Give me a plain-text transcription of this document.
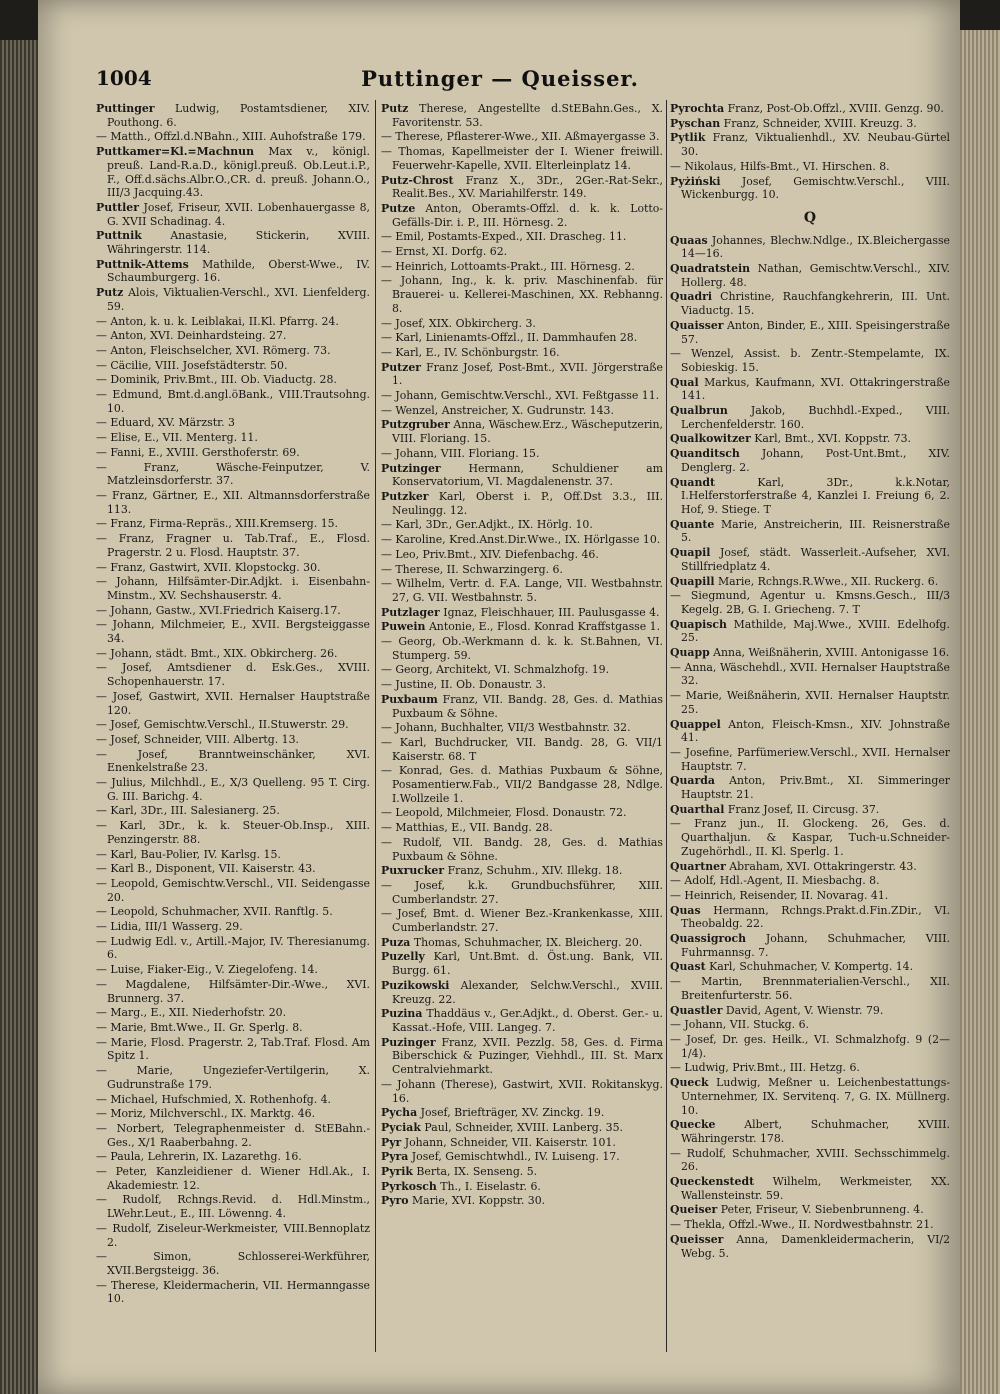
1004	Puttinger — Queisser.
Puttinger Ludwig, Postamtsdiener, XIV. Pouthong. 6.
— Matth., Offzl.d.NBahn., XIII. Auhofstraße 179.
Puttkamer=Kl.=Machnun Max v., königl. preuß. Land-R.a.D., königl.preuß. Ob.Leut.i.P., F., Off.d.sächs.Albr.O.,CR. d. preuß. Johann.O., III/3 Jacquing.43.
Puttler Josef, Friseur, XVII. Lobenhauergasse 8, G. XVII Schadinag. 4.
Puttnik	Anastasie, Stickerin, XVIII. Währingerstr. 114.
Puttnik-Attems Mathilde, Oberst-Wwe., IV. Schaumburgerg. 16.
Putz Alois, Viktualien-Verschl., XVI. Lienfelderg. 59.
— Anton, k. u. k. Leiblakai, II.Kl. Pfarrg. 24.
— Anton, XVI. Deinhardsteing. 27.
— Anton, Fleischselcher, XVI. Römerg. 73.
— Cäcilie, VIII. Josefstädterstr. 50.
— Dominik, Priv.Bmt., III. Ob. Viaductg. 28.
— Edmund, Bmt.d.angl.öBank., VIII.Trautsohng. 10.
— Eduard, XV. Märzstr. 3
— Elise, E., VII. Menterg. 11.
— Fanni, E., XVIII. Gersthoferstr. 69.
— Franz, Wäsche-Feinputzer, V. Matzleinsdorferstr. 37.
— Franz, Gärtner, E., XII. Altmannsdorferstraße 113.
— Franz, Firma-Repräs., XIII.Kremserg. 15.
— Franz, Fragner u. Tab.Traf., E., Flosd. Pragerstr. 2 u. Flosd. Hauptstr. 37.
— Franz, Gastwirt, XVII. Klopstockg. 30.
— Johann, Hilfsämter-Dir.Adjkt. i. Eisenbahn-Minstm., XV. Sechshauserstr. 4.
— Johann, Gastw., XVI.Friedrich Kaiserg.17.
— Johann, Milchmeier, E., XVII. Bergsteiggasse 34.
— Johann, städt. Bmt., XIX. Obkircherg. 26.
— Josef, Amtsdiener d. Esk.Ges., XVIII. Schopenhauerstr. 17.
— Josef, Gastwirt, XVII. Hernalser Hauptstraße 120.
— Josef, Gemischtw.Verschl., II.Stuwerstr. 29.
— Josef, Schneider, VIII. Albertg. 13.
— Josef, Branntweinschänker, XVI. Enenkelstraße 23.
— Julius, Milchhdl., E., X/3 Quelleng. 95 T. Cirg. G. III. Barichg. 4.
— Karl, 3Dr., III. Salesianerg. 25.
— Karl, 3Dr., k. k. Steuer-Ob.Insp., XIII. Penzingerstr. 88.
— Karl, Bau-Polier, IV. Karlsg. 15.
— Karl B., Disponent, VII. Kaiserstr. 43.
— Leopold, Gemischtw.Verschl., VII. Seidengasse 20.
— Leopold, Schuhmacher, XVII. Ranftlg. 5.
— Lidia, III/1 Wasserg. 29.
— Ludwig Edl. v., Artill.-Major, IV. Theresianumg. 6.
— Luise, Fiaker-Eig., V. Ziegelofeng. 14.
— Magdalene, Hilfsämter-Dir.-Wwe., XVI. Brunnerg. 37.
— Marg., E., XII. Niederhofstr. 20.
— Marie, Bmt.Wwe., II. Gr. Sperlg. 8.
— Marie, Flosd. Pragerstr. 2, Tab.Traf. Flosd. Am Spitz 1.
— Marie, Ungeziefer-Vertilgerin, X. Gudrunstraße 179.
— Michael, Hufschmied, X. Rothenhofg. 4.
— Moriz, Milchverschl., IX. Marktg. 46.
— Norbert, Telegraphenmeister d. StEBahn.-Ges., X/1 Raaberbahng. 2.
— Paula, Lehrerin, IX. Lazarethg. 16.
— Peter, Kanzleidiener d. Wiener Hdl.Ak., I. Akademiestr. 12.
— Rudolf, Rchngs.Revid. d. Hdl.Minstm., LWehr.Leut., E., III. Löwenng. 4.
— Rudolf, Ziseleur-Werkmeister, VIII.Bennoplatz 2.
— Simon, Schlosserei-Werkführer, XVII.Bergsteigg. 36.
— Therese, Kleidermacherin, VII. Hermanngasse 10.
Putz Therese, Angestellte d.StEBahn.Ges., X. Favoritenstr. 53.
— Therese, Pflasterer-Wwe., XII. Aßmayergasse 3.
— Thomas, Kapellmeister der I. Wiener freiwill. Feuerwehr-Kapelle, XVII. Elterleinplatz 14.
Putz-Chrost Franz X., 3Dr., 2Ger.-Rat-Sekr., Realit.Bes., XV. Mariahilferstr. 149.
Putze Anton, Oberamts-Offzl. d. k. k. Lotto-Gefälls-Dir. i. P., III. Hörnesg. 2.
— Emil, Postamts-Exped., XII. Drascheg. 11.
— Ernst, XI. Dorfg. 62.
— Heinrich, Lottoamts-Prakt., III. Hörnesg. 2.
— Johann, Ing., k. k. priv. Maschinenfab. für Brauerei- u. Kellerei-Maschinen, XX. Rebhanng. 8.
— Josef, XIX. Obkircherg. 3.
— Karl, Linienamts-Offzl., II. Dammhaufen 28.
— Karl, E., IV. Schönburgstr. 16.
Putzer Franz Josef, Post-Bmt., XVII. Jörgerstraße 1.
— Johann, Gemischtw.Verschl., XVI. Feßtgasse 11.
— Wenzel, Anstreicher, X. Gudrunstr. 143.
Putzgruber Anna, Wäschew.Erz., Wäscheputzerin, VIII. Floriang. 15.
— Johann, VIII. Floriang. 15.
Putzinger	Hermann, Schuldiener am Konservatorium, VI. Magdalenenstr. 37.
Putzker Karl, Oberst i. P., Off.Dst 3.3., III. Neulingg. 12.
— Karl, 3Dr., Ger.Adjkt., IX. Hörlg. 10.
— Karoline, Kred.Anst.Dir.Wwe., IX. Hörlgasse 10.
— Leo, Priv.Bmt., XIV. Diefenbachg. 46.
— Therese, II. Schwarzingerg. 6.
— Wilhelm, Vertr. d. F.A. Lange, VII. Westbahnstr. 27, G. VII. Westbahnstr. 5.
Putzlager Ignaz, Fleischhauer, III. Paulusgasse 4.
Puwein Antonie, E., Flosd. Konrad Kraffstgasse 1.
— Georg, Ob.-Werkmann d. k. k. St.Bahnen, VI. Stumperg. 59.
— Georg, Architekt, VI. Schmalzhofg. 19.
— Justine, II. Ob. Donaustr. 3.
Puxbaum Franz, VII. Bandg. 28, Ges. d. Mathias Puxbaum & Söhne.
— Johann, Buchhalter, VII/3 Westbahnstr. 32.
— Karl, Buchdrucker, VII. Bandg. 28, G. VII/1 Kaiserstr. 68. T
— Konrad, Ges. d. Mathias Puxbaum & Söhne, Posamentierw.Fab., VII/2 Bandgasse 28, Ndlge. I.Wollzeile 1.
— Leopold, Milchmeier, Flosd. Donaustr. 72.
— Matthias, E., VII. Bandg. 28.
— Rudolf, VII. Bandg. 28, Ges. d. Mathias Puxbaum & Söhne.
Puxrucker Franz, Schuhm., XIV. Illekg. 18.
— Josef, k.k. Grundbuchsführer, XIII. Cumberlandstr. 27.
— Josef, Bmt. d. Wiener Bez.-Krankenkasse, XIII. Cumberlandstr. 27.
Puza Thomas, Schuhmacher, IX. Bleicherg. 20.
Puzelly Karl, Unt.Bmt. d. Öst.ung. Bank, VII. Burgg. 61.
Puzikowski Alexander, Selchw.Verschl., XVIII. Kreuzg. 22.
Puzina Thaddäus v., Ger.Adjkt., d. Oberst. Ger.- u. Kassat.-Hofe, VIII. Langeg. 7.
Puzinger Franz, XVII. Pezzlg. 58, Ges. d. Firma Biberschick & Puzinger, Viehhdl., III. St. Marx Centralviehmarkt.
— Johann (Therese), Gastwirt, XVII. Rokitanskyg. 16.
Pycha Josef, Briefträger, XV. Zinckg. 19.
Pyciak Paul, Schneider, XVIII. Lanberg. 35.
Pyr Johann, Schneider, VII. Kaiserstr. 101.
Pyra Josef, Gemischtwhdl., IV. Luiseng. 17.
Pyrik Berta, IX. Senseng. 5.
Pyrkosch Th., I. Eiselastr. 6.
Pyro Marie, XVI. Koppstr. 30.
Pyrochta Franz, Post-Ob.Offzl., XVIII. Genzg. 90.
Pyschan Franz, Schneider, XVIII. Kreuzg. 3.
Pytlik Franz, Viktualienhdl., XV. Neubau-Gürtel 30.
— Nikolaus, Hilfs-Bmt., VI. Hirschen. 8.
Pyżiński Josef, Gemischtw.Verschl., VIII. Wickenburgg. 10.
Q
Quaas Johannes, Blechw.Ndlge., IX.Bleichergasse 14—16.
Quadratstein Nathan, Gemischtw.Verschl., XIV. Hollerg. 48.
Quadri Christine, Rauchfangkehrerin, III. Unt. Viaductg. 15.
Quaisser Anton, Binder, E., XIII. Speisingerstraße 57.
— Wenzel, Assist. b. Zentr.-Stempelamte, IX. Sobieskig. 15.
Qual Markus, Kaufmann, XVI. Ottakringerstraße 141.
Qualbrun Jakob, Buchhdl.-Exped., VIII. Lerchenfelderstr. 160.
Qualkowitzer Karl, Bmt., XVI. Koppstr. 73.
Quanditsch Johann, Post-Unt.Bmt., XIV. Denglerg. 2.
Quandt	Karl, 3Dr., k.k.Notar, I.Helferstorferstraße 4, Kanzlei I. Freiung 6, 2. Hof, 9. Stiege. T
Quante Marie, Anstreicherin, III. Reisnerstraße 5.
Quapil Josef, städt. Wasserleit.-Aufseher, XVI. Stillfriedplatz 4.
Quapill Marie, Rchngs.R.Wwe., XII. Ruckerg. 6.
— Siegmund, Agentur u. Kmsns.Gesch., III/3 Kegelg. 2B, G. I. Griecheng. 7. T
Quapisch Mathilde, Maj.Wwe., XVIII. Edelhofg. 25.
Quapp Anna, Weißnäherin, XVIII. Antonigasse 16.
— Anna, Wäschehdl., XVII. Hernalser Hauptstraße 32.
— Marie, Weißnäherin, XVII. Hernalser Hauptstr. 25.
Quappel Anton, Fleisch-Kmsn., XIV. Johnstraße 41.
— Josefine, Parfümeriew.Verschl., XVII. Hernalser Hauptstr. 7.
Quarda Anton, Priv.Bmt., XI. Simmeringer Hauptstr. 21.
Quarthal Franz Josef, II. Circusg. 37.
— Franz jun., II. Glockeng. 26, Ges. d. Quarthaljun. & Kaspar, Tuch-u.Schneider-Zugehörhdl., II. Kl. Sperlg. 1.
Quartner Abraham, XVI. Ottakringerstr. 43.
— Adolf, Hdl.-Agent, II. Miesbachg. 8.
— Heinrich, Reisender, II. Novarag. 41.
Quas Hermann, Rchngs.Prakt.d.Fin.ZDir., VI. Theobaldg. 22.
Quassigroch Johann, Schuhmacher, VIII. Fuhrmannsg. 7.
Quast Karl, Schuhmacher, V. Kompertg. 14.
— Martin, Brennmaterialien-Verschl., XII. Breitenfurterstr. 56.
Quastler David, Agent, V. Wienstr. 79.
— Johann, VII. Stuckg. 6.
— Josef, Dr. ges. Heilk., VI. Schmalzhofg. 9 (2—1/4).
— Ludwig, Priv.Bmt., III. Hetzg. 6.
Queck Ludwig, Meßner u. Leichenbestattungs-Unternehmer, IX. Servitenq. 7, G. IX. Müllnerg. 10.
Quecke	Albert, Schuhmacher, XVIII. Währingerstr. 178.
— Rudolf, Schuhmacher, XVIII. Sechsschimmelg. 26.
Queckenstedt Wilhelm, Werkmeister, XX. Wallensteinstr. 59.
Queiser Peter, Friseur, V. Siebenbrunneng. 4.
— Thekla, Offzl.-Wwe., II. Nordwestbahnstr. 21.
Queisser Anna, Damenkleidermacherin, VI/2 Webg. 5.
